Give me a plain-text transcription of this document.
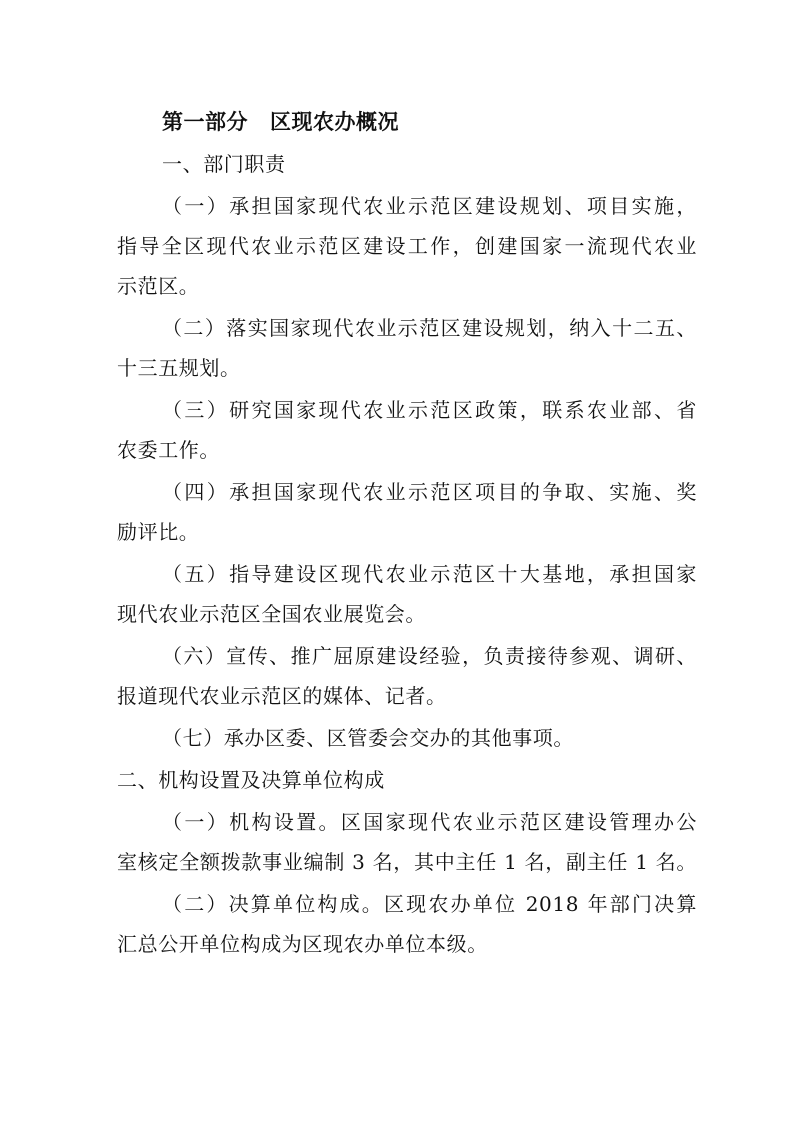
第一部分 区现农办概况
一、部门职责
（一）承担国家现代农业示范区建设规划、项目实施，
指导全区现代农业示范区建设工作，创建国家一流现代农业
示范区。
（二）落实国家现代农业示范区建设规划，纳入十二五、
十三五规划。
（三）研究国家现代农业示范区政策，联系农业部、省
农委工作。
（四）承担国家现代农业示范区项目的争取、实施、奖
励评比。
（五）指导建设区现代农业示范区十大基地，承担国家
现代农业示范区全国农业展览会。
（六）宣传、推广屈原建设经验，负责接待参观、调研、
报道现代农业示范区的媒体、记者。
（七）承办区委、区管委会交办的其他事项。
二、机构设置及决算单位构成
（一）机构设置。区国家现代农业示范区建设管理办公
室核定全额拨款事业编制 3 名，其中主任 1 名，副主任 1 名。
（二）决算单位构成。区现农办单位 2018 年部门决算
汇总公开单位构成为区现农办单位本级。
